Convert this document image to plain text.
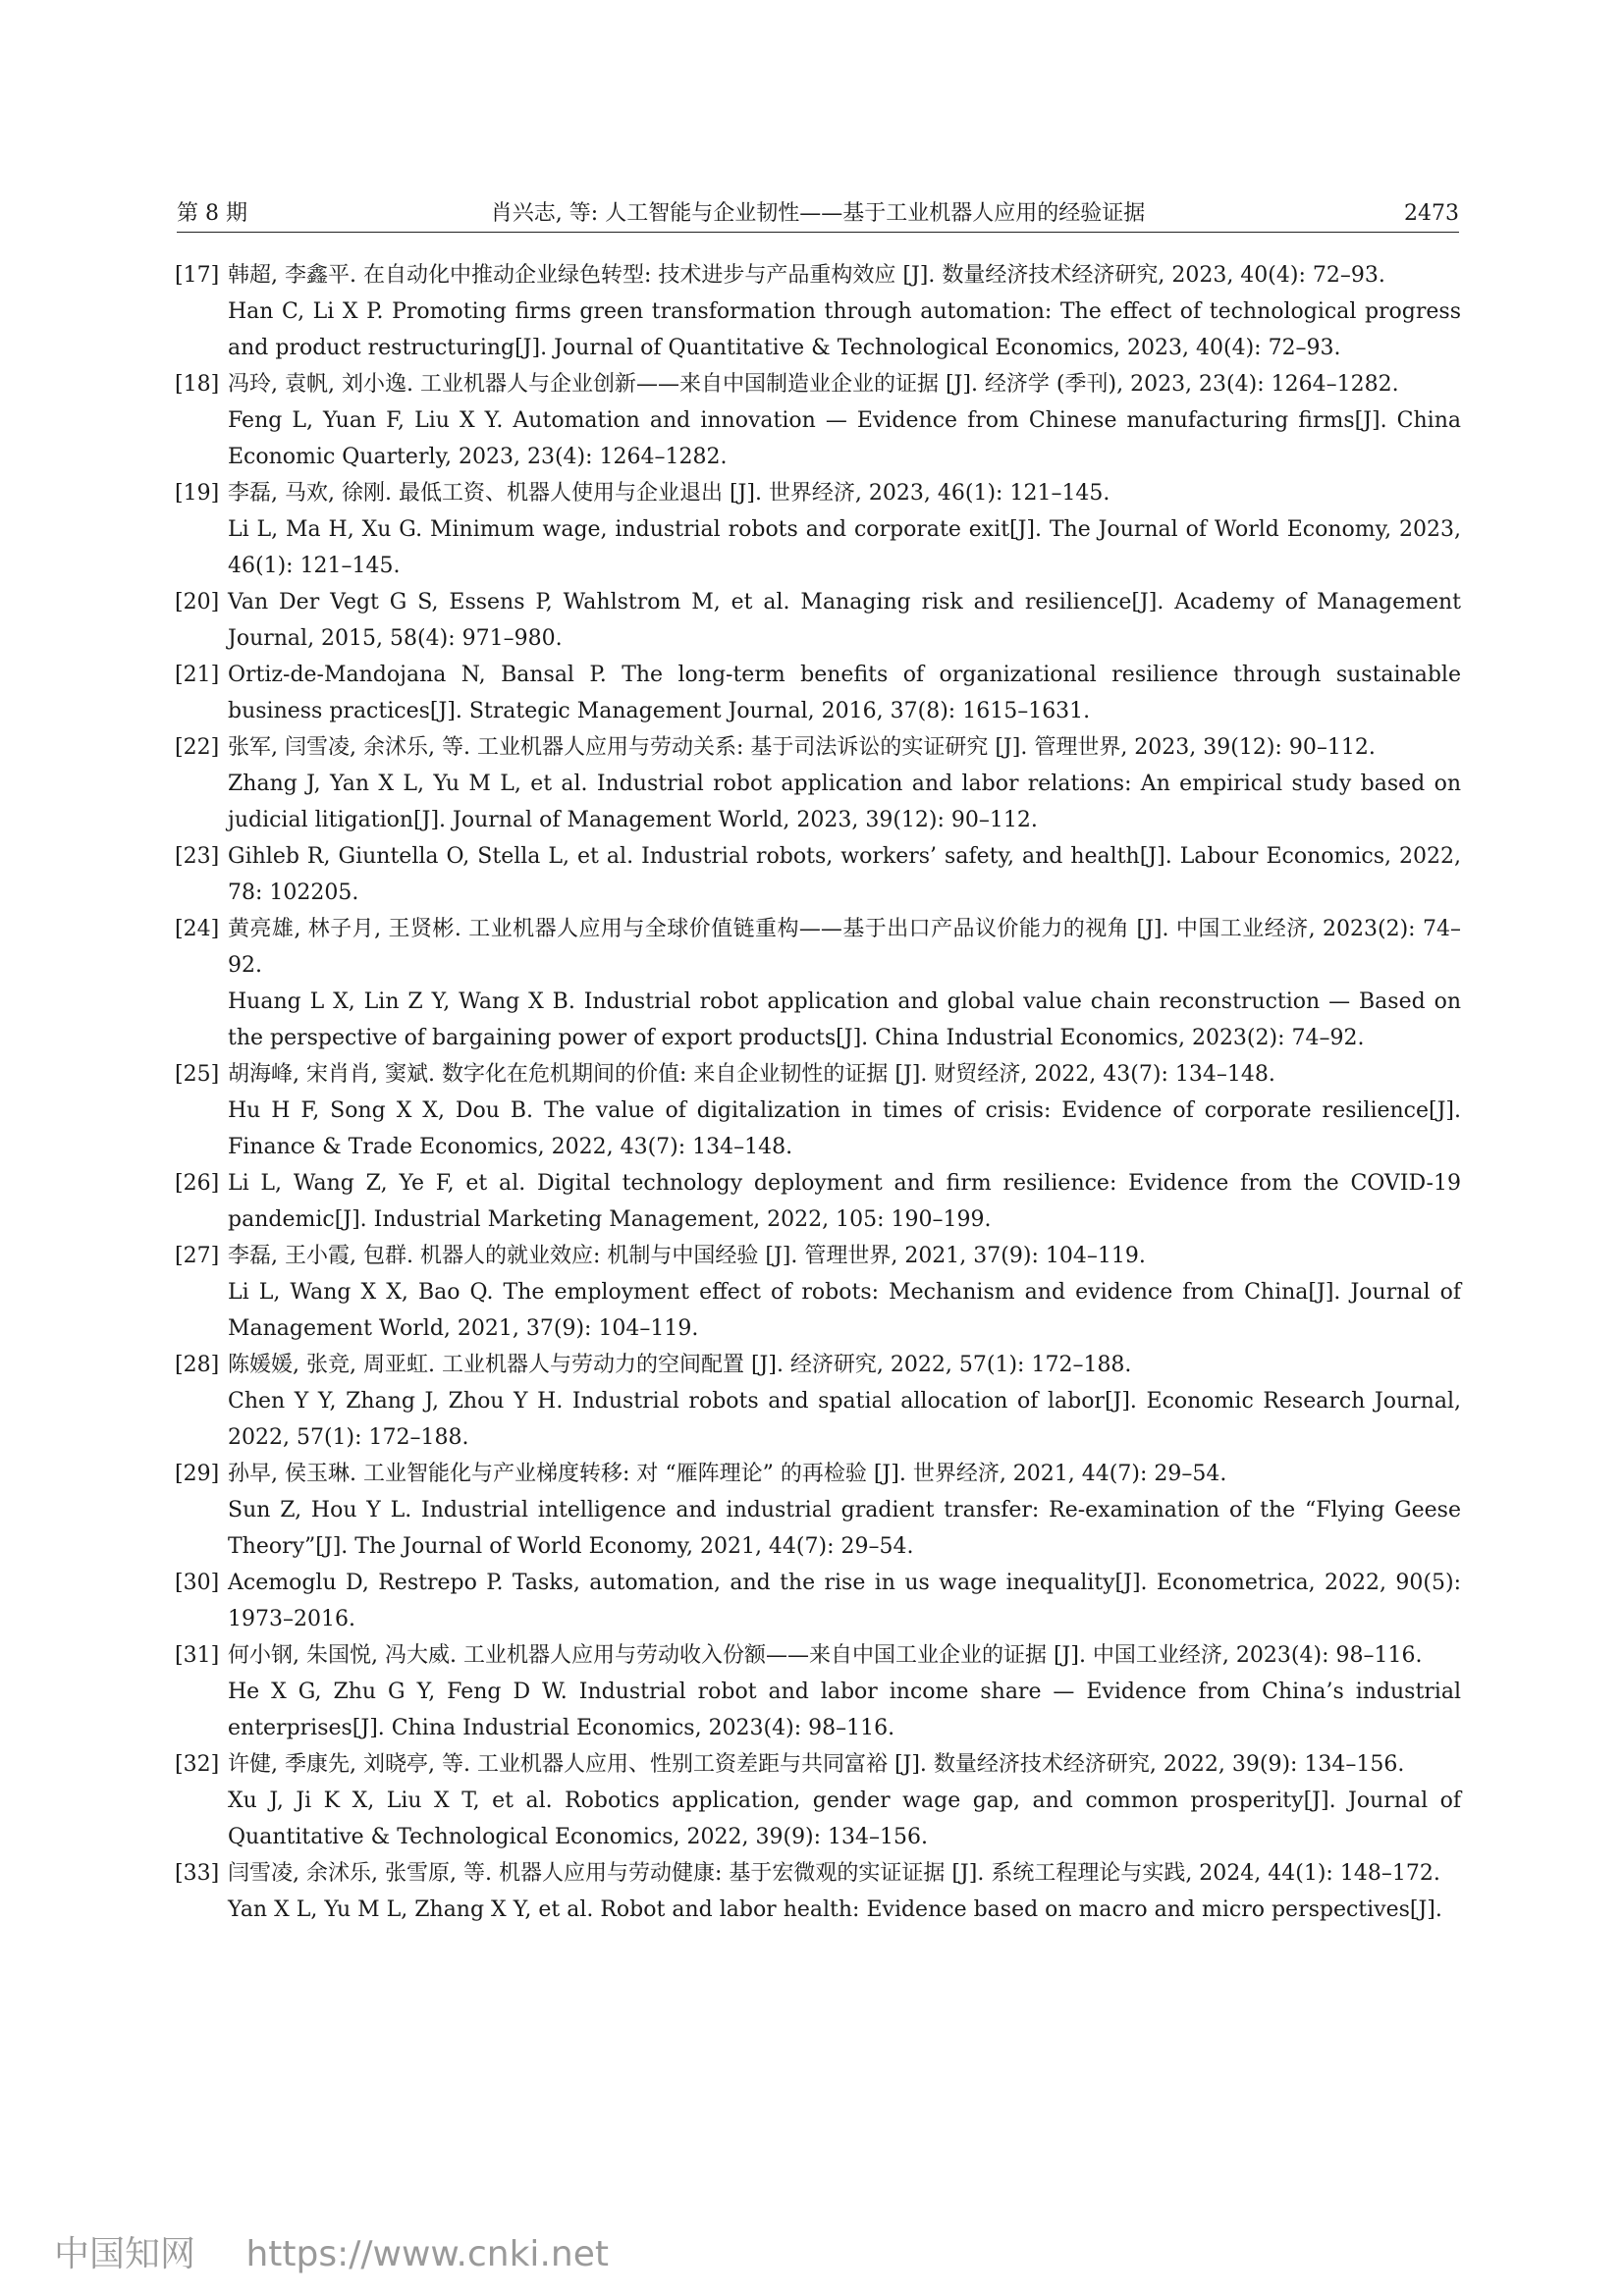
第 8 期	肖兴志, 等: 人工智能与企业韧性——基于工业机器人应用的经验证据	2473
[17] 韩超, 李鑫平. 在自动化中推动企业绿色转型: 技术进步与产品重构效应 [J]. 数量经济技术经济研究, 2023, 40(4): 72–93.
Han C, Li X P. Promoting firms green transformation through automation: The effect of technological progress and product restructuring[J]. Journal of Quantitative & Technological Economics, 2023, 40(4): 72–93.
[18] 冯玲, 袁帆, 刘小逸. 工业机器人与企业创新——来自中国制造业企业的证据 [J]. 经济学 (季刊), 2023, 23(4): 1264–1282.
Feng L, Yuan F, Liu X Y. Automation and innovation — Evidence from Chinese manufacturing firms[J]. China Economic Quarterly, 2023, 23(4): 1264–1282.
[19] 李磊, 马欢, 徐刚. 最低工资、机器人使用与企业退出 [J]. 世界经济, 2023, 46(1): 121–145.
Li L, Ma H, Xu G. Minimum wage, industrial robots and corporate exit[J]. The Journal of World Economy, 2023, 46(1): 121–145.
[20] Van Der Vegt G S, Essens P, Wahlstrom M, et al. Managing risk and resilience[J]. Academy of Management Journal, 2015, 58(4): 971–980.
[21] Ortiz-de-Mandojana N, Bansal P. The long-term benefits of organizational resilience through sustainable business practices[J]. Strategic Management Journal, 2016, 37(8): 1615–1631.
[22] 张军, 闫雪凌, 余沭乐, 等. 工业机器人应用与劳动关系: 基于司法诉讼的实证研究 [J]. 管理世界, 2023, 39(12): 90–112.
Zhang J, Yan X L, Yu M L, et al. Industrial robot application and labor relations: An empirical study based on judicial litigation[J]. Journal of Management World, 2023, 39(12): 90–112.
[23] Gihleb R, Giuntella O, Stella L, et al. Industrial robots, workers’ safety, and health[J]. Labour Economics, 2022, 78: 102205.
[24] 黄亮雄, 林子月, 王贤彬. 工业机器人应用与全球价值链重构——基于出口产品议价能力的视角 [J]. 中国工业经济, 2023(2): 74–92.
Huang L X, Lin Z Y, Wang X B. Industrial robot application and global value chain reconstruction — Based on the perspective of bargaining power of export products[J]. China Industrial Economics, 2023(2): 74–92.
[25] 胡海峰, 宋肖肖, 窦斌. 数字化在危机期间的价值: 来自企业韧性的证据 [J]. 财贸经济, 2022, 43(7): 134–148.
Hu H F, Song X X, Dou B. The value of digitalization in times of crisis: Evidence of corporate resilience[J]. Finance & Trade Economics, 2022, 43(7): 134–148.
[26] Li L, Wang Z, Ye F, et al. Digital technology deployment and firm resilience: Evidence from the COVID-19 pandemic[J]. Industrial Marketing Management, 2022, 105: 190–199.
[27] 李磊, 王小霞, 包群. 机器人的就业效应: 机制与中国经验 [J]. 管理世界, 2021, 37(9): 104–119.
Li L, Wang X X, Bao Q. The employment effect of robots: Mechanism and evidence from China[J]. Journal of Management World, 2021, 37(9): 104–119.
[28] 陈媛媛, 张竞, 周亚虹. 工业机器人与劳动力的空间配置 [J]. 经济研究, 2022, 57(1): 172–188.
Chen Y Y, Zhang J, Zhou Y H. Industrial robots and spatial allocation of labor[J]. Economic Research Journal, 2022, 57(1): 172–188.
[29] 孙早, 侯玉琳. 工业智能化与产业梯度转移: 对 “雁阵理论” 的再检验 [J]. 世界经济, 2021, 44(7): 29–54.
Sun Z, Hou Y L. Industrial intelligence and industrial gradient transfer: Re-examination of the “Flying Geese Theory”[J]. The Journal of World Economy, 2021, 44(7): 29–54.
[30] Acemoglu D, Restrepo P. Tasks, automation, and the rise in us wage inequality[J]. Econometrica, 2022, 90(5): 1973–2016.
[31] 何小钢, 朱国悦, 冯大威. 工业机器人应用与劳动收入份额——来自中国工业企业的证据 [J]. 中国工业经济, 2023(4): 98–116.
He X G, Zhu G Y, Feng D W. Industrial robot and labor income share — Evidence from China’s industrial enterprises[J]. China Industrial Economics, 2023(4): 98–116.
[32] 许健, 季康先, 刘晓亭, 等. 工业机器人应用、性别工资差距与共同富裕 [J]. 数量经济技术经济研究, 2022, 39(9): 134–156.
Xu J, Ji K X, Liu X T, et al. Robotics application, gender wage gap, and common prosperity[J]. Journal of Quantitative & Technological Economics, 2022, 39(9): 134–156.
[33] 闫雪凌, 余沭乐, 张雪原, 等. 机器人应用与劳动健康: 基于宏微观的实证证据 [J]. 系统工程理论与实践, 2024, 44(1): 148–172.
Yan X L, Yu M L, Zhang X Y, et al. Robot and labor health: Evidence based on macro and micro perspectives[J].
中国知网 https://www.cnki.net
